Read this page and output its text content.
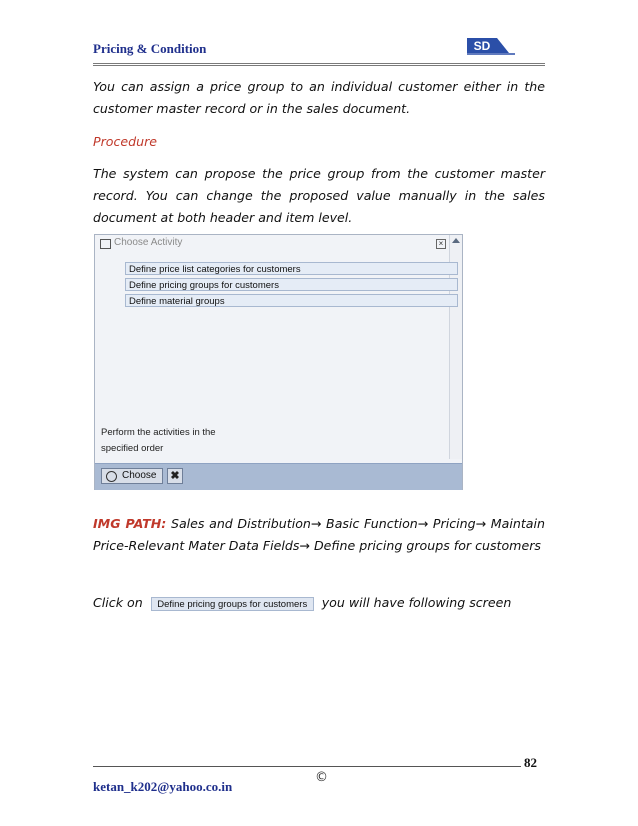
Pricing & Condition	SD
You can assign a price group to an individual customer either in the customer master record or in the sales document.
Procedure
The system can propose the price group from the customer master record. You can change the proposed value manually in the sales document at both header and item level.
Choose Activity	×
Define price list categories for customers
Define pricing groups for customers
Define material groups
Perform the activities in the specified order
Choose	✖
IMG PATH: Sales and Distribution→ Basic Function→ Pricing→ Maintain Price-Relevant Mater Data Fields→ Define pricing groups for customers
Click on Define pricing groups for customers you will have following screen
82
©
ketan_k202@yahoo.co.in
